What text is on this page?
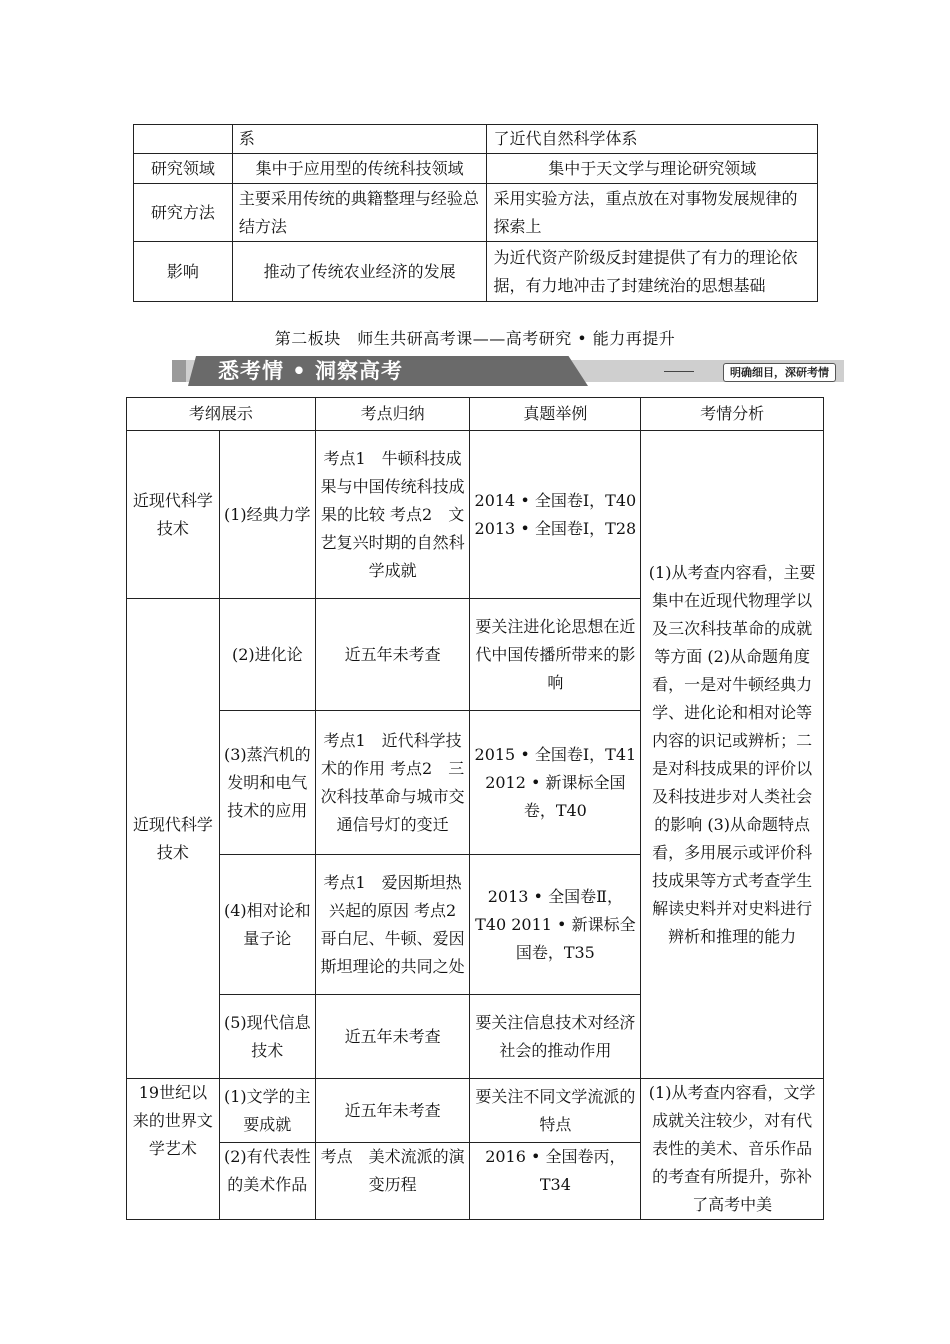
	系	了近代自然科学体系
研究领域	集中于应用型的传统科技领域	集中于天文学与理论研究领域
研究方法	主要采用传统的典籍整理与经验总结方法	采用实验方法，重点放在对事物发展规律的探索上
影响	推动了传统农业经济的发展	为近代资产阶级反封建提供了有力的理论依据，有力地冲击了封建统治的思想基础
第二板块　师生共研高考课——高考研究 • 能力再提升
悉考情 • 洞察高考	明确细目，深研考情
考纲展示		考点归纳	真题举例	考情分析
近现代科学技术	(1)经典力学	考点1　牛顿科技成果与中国传统科技成果的比较 考点2　文艺复兴时期的自然科学成就	2014 • 全国卷Ⅰ，T40 2013 • 全国卷Ⅰ，T28	(1)从考查内容看，主要集中在近现代物理学以及三次科技革命的成就等方面 (2)从命题角度看，一是对牛顿经典力学、进化论和相对论等内容的识记或辨析；二是对科技成果的评价以及科技进步对人类社会的影响 (3)从命题特点看，多用展示或评价科技成果等方式考查学生解读史料并对史料进行辨析和推理的能力
近现代科学技术	(2)进化论	近五年未考查	要关注进化论思想在近代中国传播所带来的影响	
	(3)蒸汽机的发明和电气技术的应用	考点1　近代科学技术的作用 考点2　三次科技革命与城市交通信号灯的变迁	2015 • 全国卷Ⅰ，T41 2012 • 新课标全国卷，T40	
	(4)相对论和量子论	考点1　爱因斯坦热兴起的原因 考点2　哥白尼、牛顿、爱因斯坦理论的共同之处	2013 • 全国卷Ⅱ，T40 2011 • 新课标全国卷，T35	
	(5)现代信息技术	近五年未考查	要关注信息技术对经济社会的推动作用	
19世纪以来的世界文学艺术	(1)文学的主要成就	近五年未考查	要关注不同文学流派的特点	(1)从考查内容看，文学成就关注较少，对有代表性的美术、音乐作品的考查有所提升，弥补了高考中美
	(2)有代表性的美术作品	考点　美术流派的演变历程	2016 • 全国卷丙，T34	
